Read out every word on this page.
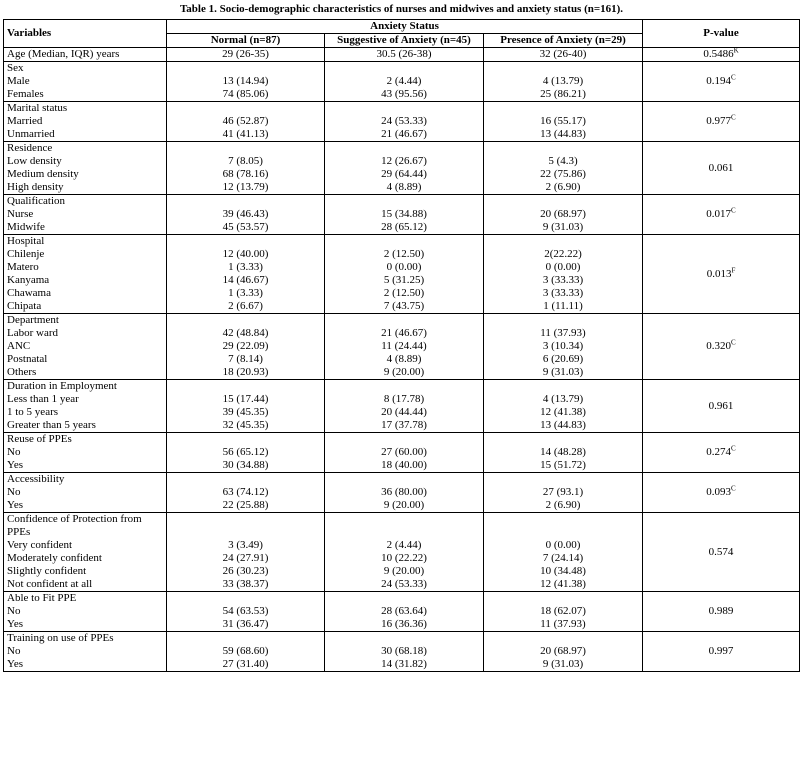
Table 1. Socio-demographic characteristics of nurses and midwives and anxiety status (n=161).
Variables	Anxiety Status			P-value
	Normal (n=87)	Suggestive of Anxiety (n=45)	Presence of Anxiety (n=29)	
Age (Median, IQR) years	29 (26-35)	30.5 (26-38)	32 (26-40)	$0.5486^K$
Sex				$0.194^C$
Male	13 (14.94)	2 (4.44)	4 (13.79)	
Females	74 (85.06)	43 (95.56)	25 (86.21)	
Marital status				$0.977^C$
Married	46 (52.87)	24 (53.33)	16 (55.17)	
Unmarried	41 (41.13)	21 (46.67)	13 (44.83)	
Residence				0.061
Low density	7 (8.05)	12 (26.67)	5 (4.3)	
Medium density	68 (78.16)	29 (64.44)	22 (75.86)	
High density	12 (13.79)	4 (8.89)	2 (6.90)	
Qualification				$0.017^C$
Nurse	39 (46.43)	15 (34.88)	20 (68.97)	
Midwife	45 (53.57)	28 (65.12)	9 (31.03)	
Hospital				$0.013^F$
Chilenje	12 (40.00)	2 (12.50)	2(22.22)	
Matero	1 (3.33)	0 (0.00)	0 (0.00)	
Kanyama	14 (46.67)	5 (31.25)	3 (33.33)	
Chawama	1 (3.33)	2 (12.50)	3 (33.33)	
Chipata	2 (6.67)	7 (43.75)	1 (11.11)	
Department				$0.320^C$
Labor ward	42 (48.84)	21 (46.67)	11 (37.93)	
ANC	29 (22.09)	11 (24.44)	3 (10.34)	
Postnatal	7 (8.14)	4 (8.89)	6 (20.69)	
Others	18 (20.93)	9 (20.00)	9 (31.03)	
Duration in Employment				0.961
Less than 1 year	15 (17.44)	8 (17.78)	4 (13.79)	
1 to 5 years	39 (45.35)	20 (44.44)	12 (41.38)	
Greater than 5 years	32 (45.35)	17 (37.78)	13 (44.83)	
Reuse of PPEs				$0.274^C$
No	56 (65.12)	27 (60.00)	14 (48.28)	
Yes	30 (34.88)	18 (40.00)	15 (51.72)	
Accessibility				$0.093^C$
No	63 (74.12)	36 (80.00)	27 (93.1)	
Yes	22 (25.88)	9 (20.00)	2 (6.90)	
Confidence of Protection from PPEs				0.574
Very confident	3 (3.49)	2 (4.44)	0 (0.00)	
Moderately confident	24 (27.91)	10 (22.22)	7 (24.14)	
Slightly confident	26 (30.23)	9 (20.00)	10 (34.48)	
Not confident at all	33 (38.37)	24 (53.33)	12 (41.38)	
Able to Fit PPE				0.989
No	54 (63.53)	28 (63.64)	18 (62.07)	
Yes	31 (36.47)	16 (36.36)	11 (37.93)	
Training on use of PPEs				0.997
No	59 (68.60)	30 (68.18)	20 (68.97)	
Yes	27 (31.40)	14 (31.82)	9 (31.03)	
